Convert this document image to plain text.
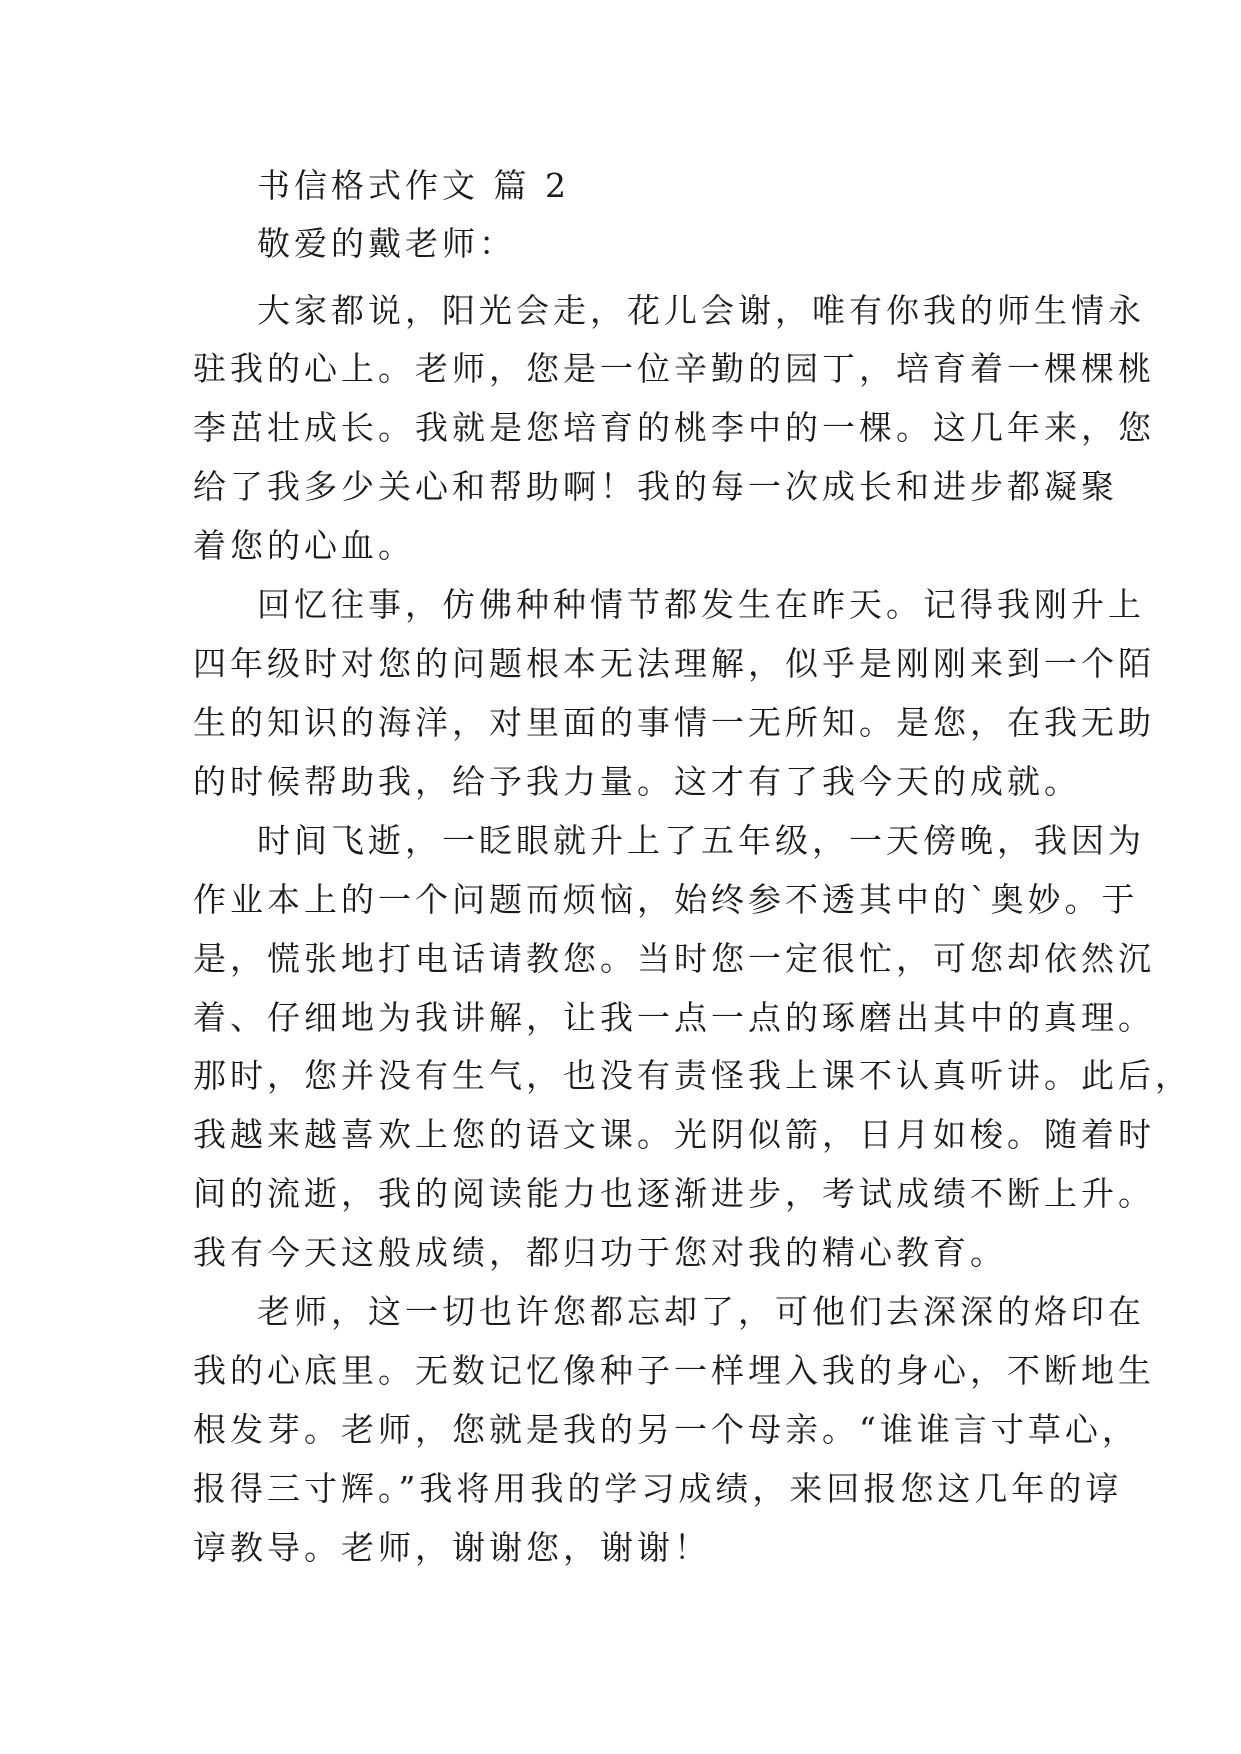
书信格式作文 篇 2
敬爱的戴老师：
大家都说，阳光会走，花儿会谢，唯有你我的师生情永
驻我的心上。老师，您是一位辛勤的园丁，培育着一棵棵桃
李茁壮成长。我就是您培育的桃李中的一棵。这几年来，您
给了我多少关心和帮助啊！我的每一次成长和进步都凝聚
着您的心血。
回忆往事，仿佛种种情节都发生在昨天。记得我刚升上
四年级时对您的问题根本无法理解，似乎是刚刚来到一个陌
生的知识的海洋，对里面的事情一无所知。是您，在我无助
的时候帮助我，给予我力量。这才有了我今天的成就。
时间飞逝，一眨眼就升上了五年级，一天傍晚，我因为
作业本上的一个问题而烦恼，始终参不透其中的`奥妙。于
是，慌张地打电话请教您。当时您一定很忙，可您却依然沉
着、仔细地为我讲解，让我一点一点的琢磨出其中的真理。
那时，您并没有生气，也没有责怪我上课不认真听讲。此后，
我越来越喜欢上您的语文课。光阴似箭，日月如梭。随着时
间的流逝，我的阅读能力也逐渐进步，考试成绩不断上升。
我有今天这般成绩，都归功于您对我的精心教育。
老师，这一切也许您都忘却了，可他们去深深的烙印在
我的心底里。无数记忆像种子一样埋入我的身心，不断地生
根发芽。老师，您就是我的另一个母亲。“谁谁言寸草心，
报得三寸辉。”我将用我的学习成绩，来回报您这几年的谆
谆教导。老师，谢谢您，谢谢！
